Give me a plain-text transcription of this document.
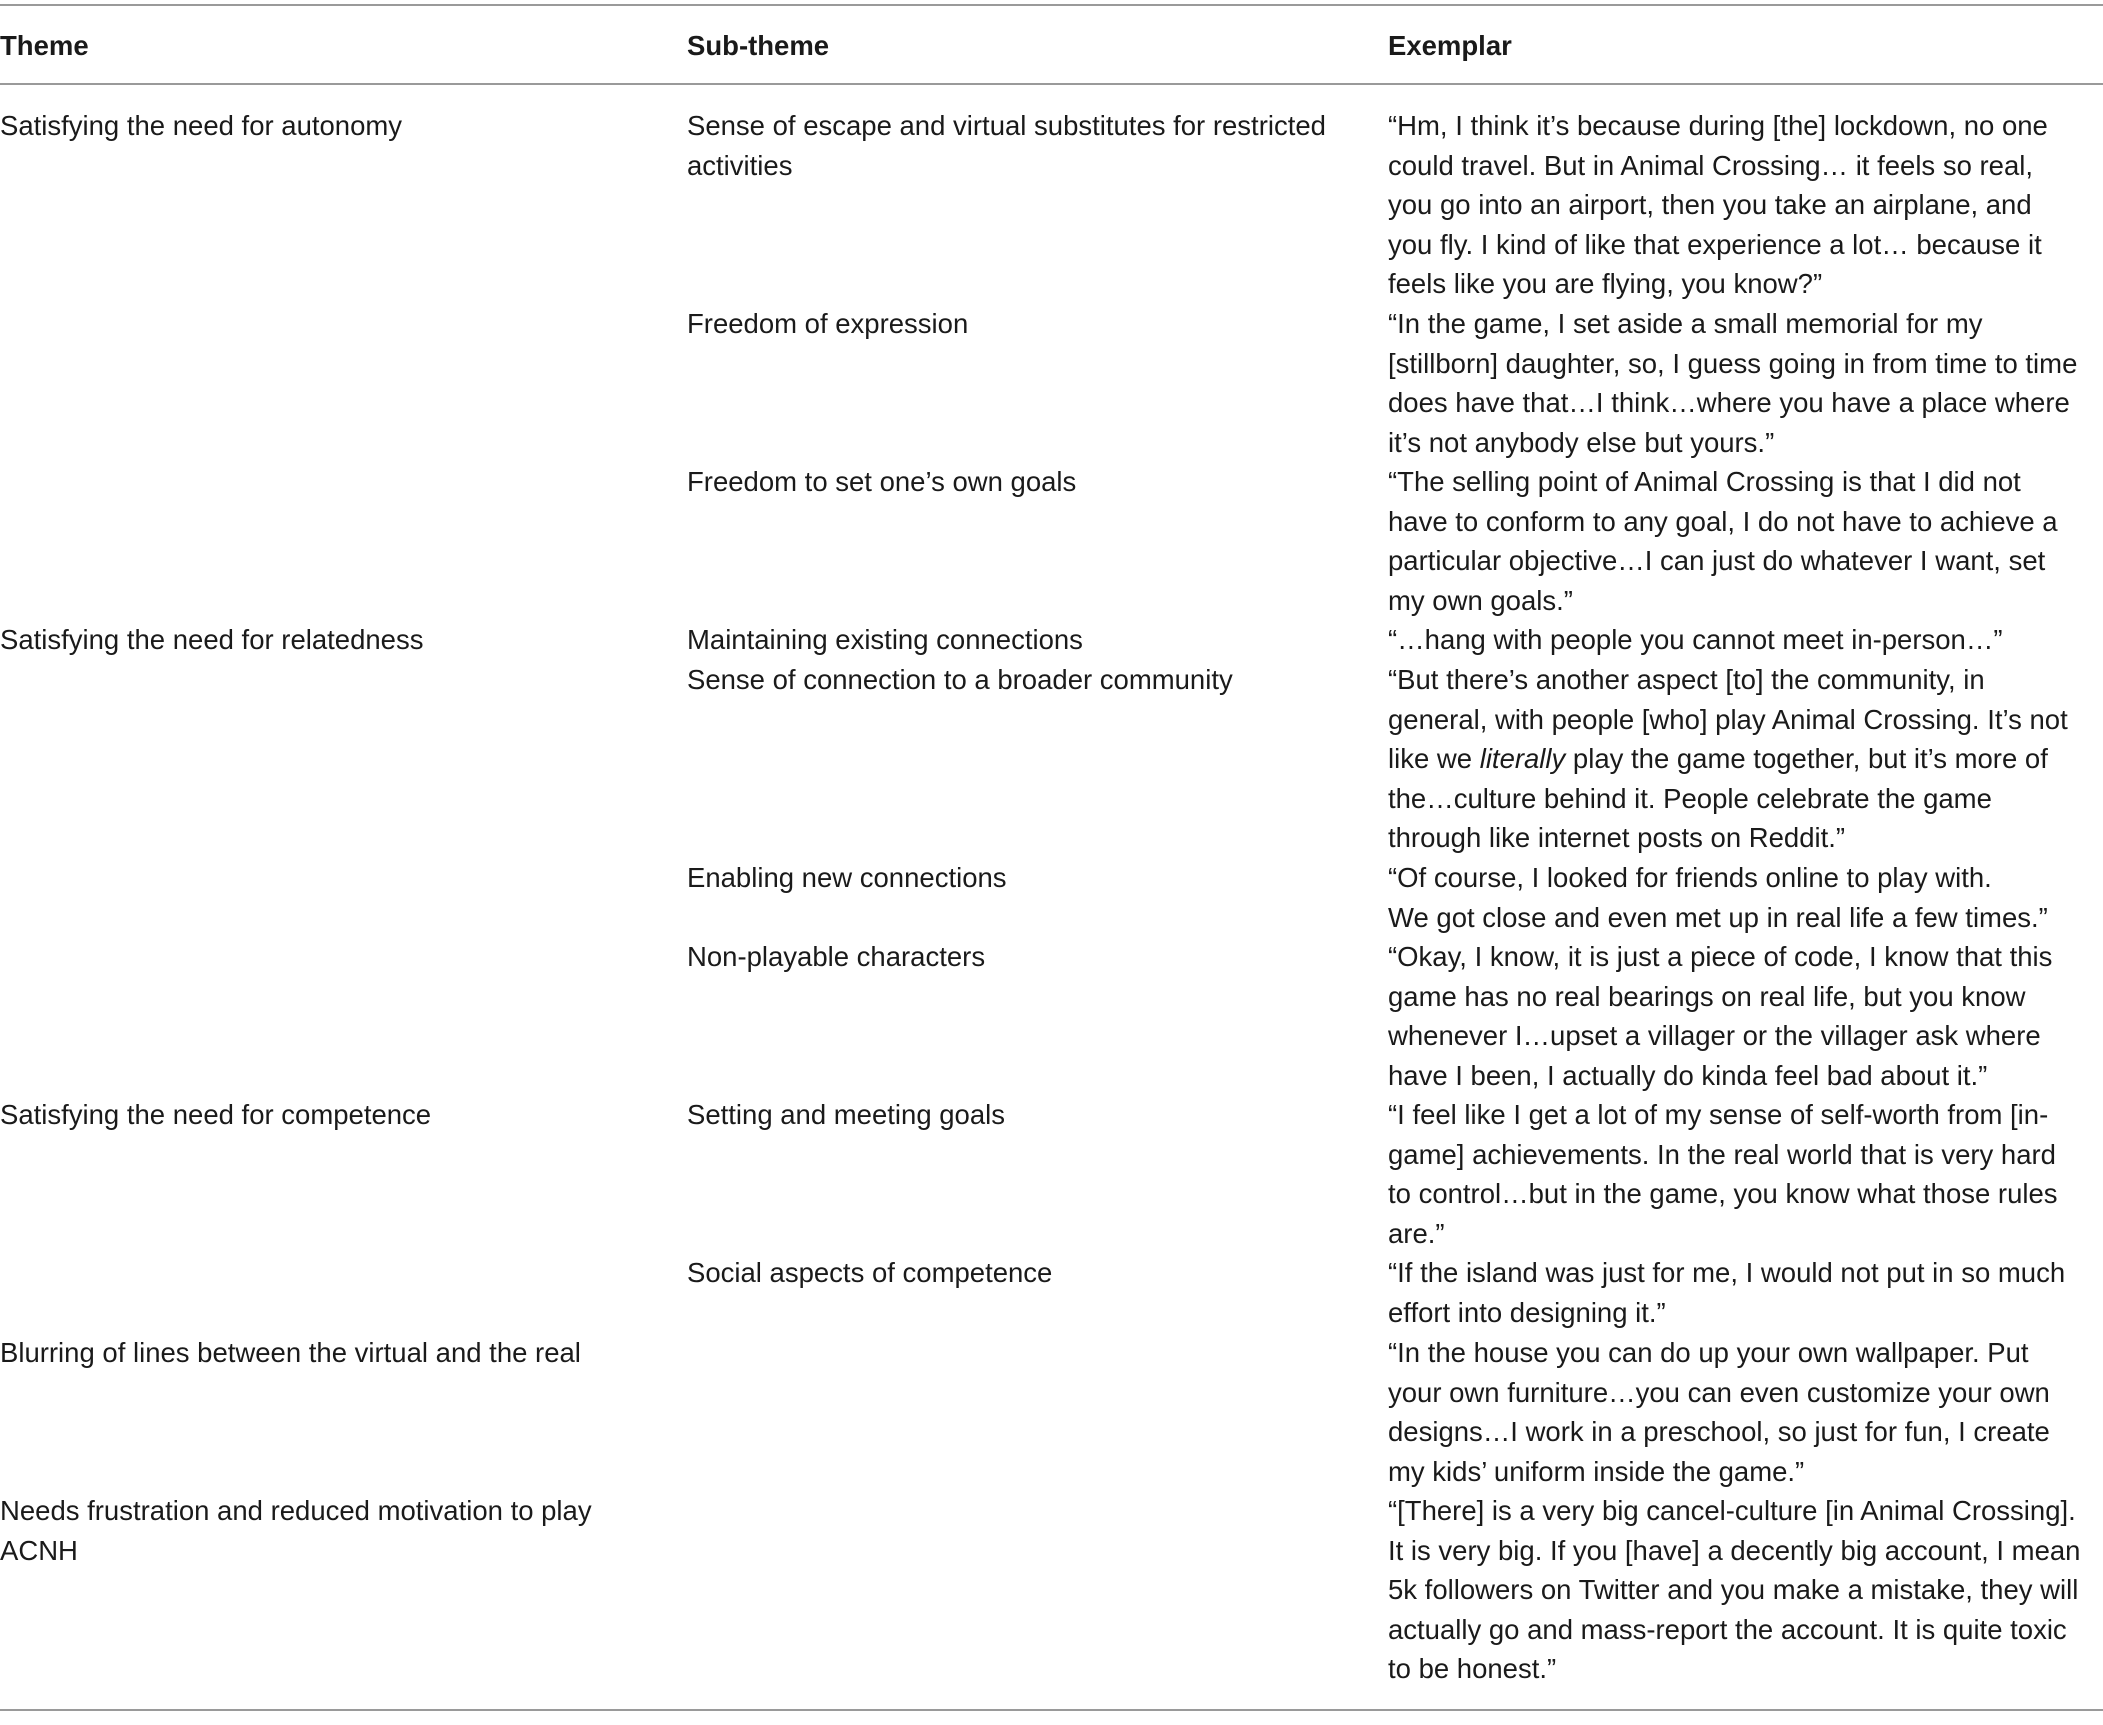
Theme	Sub-theme	Exemplar
Satisfying the need for autonomy
Satisfying the need for relatedness
Satisfying the need for competence
Blurring of lines between the virtual and the real
Needs frustration and reduced motivation to play
ACNH
Sense of escape and virtual substitutes for restricted
activities
Freedom of expression
Freedom to set one’s own goals
Maintaining existing connections
Sense of connection to a broader community
Enabling new connections
Non-playable characters
Setting and meeting goals
Social aspects of competence
“Hm, I think it’s because during [the] lockdown, no one
could travel. But in Animal Crossing… it feels so real,
you go into an airport, then you take an airplane, and
you fly. I kind of like that experience a lot… because it
feels like you are flying, you know?”
“In the game, I set aside a small memorial for my
[stillborn] daughter, so, I guess going in from time to time
does have that…I think…where you have a place where
it’s not anybody else but yours.”
“The selling point of Animal Crossing is that I did not
have to conform to any goal, I do not have to achieve a
particular objective…I can just do whatever I want, set
my own goals.”
“…hang with people you cannot meet in-person…”
“But there’s another aspect [to] the community, in
general, with people [who] play Animal Crossing. It’s not
like we literally play the game together, but it’s more of
the…culture behind it. People celebrate the game
through like internet posts on Reddit.”
“Of course, I looked for friends online to play with.
We got close and even met up in real life a few times.”
“Okay, I know, it is just a piece of code, I know that this
game has no real bearings on real life, but you know
whenever I…upset a villager or the villager ask where
have I been, I actually do kinda feel bad about it.”
“I feel like I get a lot of my sense of self-worth from [in-
game] achievements. In the real world that is very hard
to control…but in the game, you know what those rules
are.”
“If the island was just for me, I would not put in so much
effort into designing it.”
“In the house you can do up your own wallpaper. Put
your own furniture…you can even customize your own
designs…I work in a preschool, so just for fun, I create
my kids’ uniform inside the game.”
“[There] is a very big cancel-culture [in Animal Crossing].
It is very big. If you [have] a decently big account, I mean
5k followers on Twitter and you make a mistake, they will
actually go and mass-report the account. It is quite toxic
to be honest.”
